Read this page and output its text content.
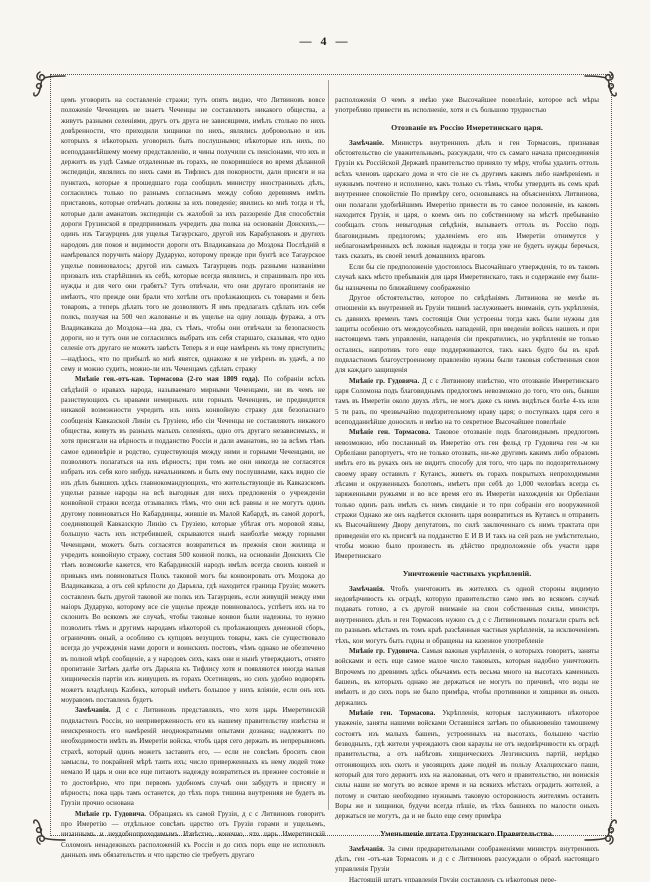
— 4 —

цемъ уговорить на составленіе стражи; тутъ опять видно, что Литвиновъ вовсе положеніе Чеченцевъ не знаетъ Чеченцы не составляютъ никакого общества, а живутъ разными селеніями, другъ отъ друга не зависящими, имѣлъ столько по нихъ довѣренности, что приходили хищники по нихъ, являлись добровольно и изъ которыхъ я нѣкоторыхъ уговорилъ быть послушными; нѣкоторые изъ нихъ, по всеподданнѣйшему моему представленію, и чины получили съ пенсіонами, что ихъ и держитъ въ уздѣ Самые отдаленные въ горахъ, не покорившіеся во время дѣланной экспедиціи, являлись по нихъ сами въ Тифлисъ для покорности, дали присяги и на пунктахъ, которые я прошедшаго года сообщилъ министру иностранныхъ дѣлъ, согласились только по разнымъ согласнымъ между собою деревнямъ имѣть приставовъ, которые отвѣчать должны за ихъ поведеніе; явились ко мнѣ тогда и тѣ, которые дали аманатовъ экспедиціи съ жалобой за ихъ раззореніе Для способствія дороги Грузинской я предпринималъ учредить два полка на основаніи Донскихъ,—одинъ изъ Тагаурцевъ для ущелья Тагаурскаго, другой изъ Карабулаковъ и другихъ народовъ для покоя и видимости дороги отъ Владикавказа до Моздока Послѣдній я намѣревался поручить маіору Дударуко, которому прежде при бунтѣ все Тагаурское ущелье повиновалось; другой изъ самыхъ Тагаурцевъ подъ разными названіями призвалъ ихъ старѣйшинъ къ себѣ, которые всегда являлись, и спрашивалъ про ихъ нужды и для чего они грабятъ? Тутъ отвѣчали, что они другаго пропитанія не имѣютъ, что прежде они брали что хотѣли отъ проѣзжающихъ съ товарами и безъ товаровъ, а теперь дѣлать того не дозволяютъ Я имъ предлагалъ сдѣлать изъ себя полкъ, получая на 500 чел жалованье и въ ущелье на одну лошадь фуража, а отъ Владикавказа до Моздока—на два, съ тѣмъ, чтобы они отвѣчали за безопасность дороги, но и тутъ они не согласились выбрать изъ себя старшаго, сказывая, что одно селеніе отъ другаго не можетъ завѣсть Теперь я и еще намѣренъ къ тому приступить;—надѣюсь, что по прибылѣ ко мнѣ явятся, однакоже я не увѣренъ въ удачѣ, а по сему и можно судить, можно-ли изъ Чеченцамъ сдѣлать стражу

Мнѣніе ген.-отъ-кав. Тормасова (2-го мая 1809 года). По собраніи всѣхъ свѣдѣній о нравахъ народа, называемаго мирными Чеченцами, ни въ чемъ не разнствующихъ съ нравами немирныхъ или горныхъ Чеченцевъ, не предвидится никакой возможности учредить изъ нихъ конвойную стражу для безопаснаго сообщенія Кавказской Линіи съ Грузіею, ибо сіи Чеченцы не составляютъ никакого общества, живутъ въ разныхъ малыхъ селеніяхъ, одно отъ другаго независимыхъ, и хотя присягали на вѣрность и подданство Россіи и дали аманатовъ, но за всѣмъ тѣмъ самое единовѣріе и родство, существующія между ними и горными Чеченцами, не позволяютъ полагаться на ихъ вѣрность; при томъ же они никогда не согласятся избрать изъ себя кого нибудь начальникомъ и быть ему послушными, какъ видно сіе изъ дѣлъ бывшихъ здѣсь главнокомандующихъ, что жительствующіе въ Кавказскомъ ущельи разные народы на всѣ выгодныя для нихъ предложенія о учрежденіи конвойной стражи всегда отзывались тѣмъ, что они всѣ равны и не могутъ одинъ другому повиноваться Но Кабардинцы, жившіе въ Малой Кабардѣ, въ самой дорогѣ, соединяющей Кавказскую Линію съ Грузіею, которые убѣгая отъ моровой язвы, большую часть ихъ истребившей, скрываются нынѣ наиболѣе между горными Чеченцами, можетъ быть согласятся возвратиться въ прежнія свои жилища и учредить конвойную стражу, составя 500 конной полкъ, на основаніи Донскихъ Сіе тѣмъ возможнѣе кажется, что Кабардинскій народъ имѣлъ всегда своихъ князей и привыкъ имъ повиноваться Полкъ таковой могъ бы конвоировать отъ Моздока до Владикавказа, а отъ сей крѣпости до Дарьяла, гдѣ находится граница Грузіи; можетъ составленъ быть другой таковой же полкъ изъ Тагаурцевъ, если живущій между ими маіоръ Дударуко, которому все сіе ущелье прежде повиновалось, успѣетъ ихъ на то склонить Во всякомъ же случаѣ, чтобы таковые конвои были надежны, то нужно позволить тѣмъ и другимъ народамъ нѣкоторой съ проѣзжающихъ денежной сборъ, ограничивъ оный, а особливо съ купцовъ везущихъ товары, какъ сіе существовало всегда до учрежденія нами дороги и воинскихъ постовъ, чѣмъ однако не обезпечено въ полной мѣрѣ сообщеніе, а у народовъ сихъ, какъ они и нынѣ утверждаютъ, отнято пропитаніе Затѣмъ далѣе отъ Дарьяла къ Тифлису хотя и появляются иногда малыя хищническія партіи изъ живущихъ въ горахъ Осетинцевъ, но сихъ удобно водворять можетъ владѣлецъ Казбекъ, который имѣетъ большое у нихъ вліяніе, если онъ ихъ моуравомъ поставленъ будетъ

Замѣчанія. Д с с Литвиновъ представлялъ, что хотя царь Имеретинскій подвластенъ Россіи, но неприверженность его къ нашему правительству извѣстна и неискренность его намѣреній неоднократными опытами дознана; надлежитъ по необходимости имѣть въ Имеретіи войска, чтобъ царя сего держать въ непрерывномъ страхѣ, который одинъ можетъ заставить его, — если не совсѣмъ бросить свои замыслы, то покрайней мѣрѣ таить ихъ; число приверженныхъ къ нему людей тоже немало И царь и они все еще питаютъ надежду возвратиться въ прежнее состояніе и то достовѣрно, что при первомъ удобномъ случаѣ они забудутъ и присягу и вѣрность; пока царь тамъ останется, до тѣхъ поръ тишина внутренняя не будетъ въ Грузіи прочно основана

Мнѣніе гр. Гудовича. Обращаясь къ самой Грузіи, д с с Литвиновъ говоритъ про Имеретію — отдѣльное совсѣмъ царство отъ Грузіи горами и ущельемъ, низаннымъ и неудобнопроходимымъ Извѣстно, конечно, что царь Имеретинскій Соломонъ ненадежныхъ расположеній къ Россіи и до сихъ поръ еще не исполнялъ данныхъ имъ обязательствъ и что царство сіе требуетъ другаго

расположенія О чемъ я имѣю уже Высочайшее повелѣніе, которое всѣ мѣры употребляю привести въ исполненіе, хотя и съ большою трудностью

Отозваніе въ Россію Имеретинскаго царя.

Замѣчаніе. Министръ внутреннихъ дѣлъ и ген Тормасовъ, признавая обстоятельство сіе уважительнымъ, разсуждали, что съ самаго начала присоединенія Грузіи къ Россійской Державѣ правительство приняло ту мѣру, чтобы удалить оттоль всѣхъ членовъ царскаго дома и что сіе не съ другимъ какимъ либо намѣреніемъ и нужнымъ почтено и исполнено, какъ только съ тѣмъ, чтобы утвердить въ семъ краѣ внутреннее спокойствіе По примѣру сего, основываясь на объясненіяхъ Литвинова, они полагали удобнѣйшимъ Имеретію привести въ то самое положеніе, въ какомъ находится Грузія, и царя, о коемъ онъ по собственному на мѣстѣ пребыванію сообщалъ столь невыгодныя свѣдѣнія, вызываетъ оттоль въ Россію подъ благовиднымъ предлогомъ; удаленіемъ его изъ Имеретіи отнимутся у неблагонамѣренныхъ всѣ ложныя надежды и тогда уже не будетъ нужды беречься, такъ сказать, въ своей землѣ домашнихъ враговъ

Если бы сіе предположеніе удостоилось Высочайшаго утвержденія, то въ такомъ случаѣ какъ мѣсто пребыванія для царя Имеретинскаго, такъ и содержаніе ему были-бы назначены по ближайшему соображенію

Другое обстоятельство, которое по свѣдѣніямъ Литвинова не менѣе въ отношеніи къ внутренней въ Грузіи тишинѣ заслуживаетъ вниманія, суть укрѣпленія, съ давнихъ временъ тамъ состоящія Они устроены тогда какъ были нужны для защиты особенно отъ междоусобныхъ нападеній, при введеніи войскъ нашихъ и при настоящемъ тамъ управленіи, нападенія сіи прекратились, но укрѣпленія не только остались, напротивъ того еще поддерживаются, такъ какъ будто бы въ краѣ подвластномъ благоустроенному правленію нужны были таковыя собственныя свои для каждаго защищенія

Мнѣніе гр. Гудовича. Д с с Литвинову извѣстно, что отозваніе Имеретинскаго царя Соломона подъ благовиднымъ предлогомъ невозможно до того, что онъ, бывши тамъ въ Имеретіи около двухъ лѣтъ, не могъ даже съ нимъ видѣться болѣе 4-хъ или 5 ти разъ, по чрезвычайно подозрительному нраву царя; о поступкахъ царя сего я всеподданнѣйше доносилъ и имѣю на то секретное Высочайшее повелѣніе

Мнѣніе ген. Тормасова. Таковое отозваніе подъ благовиднымъ предлогомъ невозможно, ибо посланный въ Имеретію отъ ген фельд гр Гудовича ген -м кн Орбеліани рапортуетъ, что не только отозвать, ни-же другимъ какимъ либо образомъ имѣть его въ рукахъ онъ не видитъ способу для того, что царь по подозрительному своему нраву оставилъ г Кутаисъ, живетъ въ горахъ покрытыхъ непроходимыми лѣсами и окруженныхъ болотомъ, имѣетъ при себѣ до 1,000 человѣкъ всегда съ заряженными ружьями и во все время его въ Имеретіи нахожденія кн Орбеліани только одинъ разъ имѣлъ съ нимъ свиданіе и то при собраніи его вооруженной стражи Однако же онъ надѣется склонить царя возвратиться въ Кутаисъ и отправить къ Высочайшему Двору депутатовъ, по силѣ заключеннаго съ нимъ трактата при приведеніи его къ присягѣ на подданство Е И В И такъ на сей разъ не умѣстительно, чтобы можно было произвесть въ дѣйство предположеніе объ участи царя Имеретинскаго

Уничтоженіе частныхъ укрѣпленій.

Замѣчанія. Чтобъ уничтожить въ жителяхъ съ одной стороны видимую недовѣрчивость къ оградѣ, которую правительство само имъ во всякомъ случаѣ подавать готово, а съ другой вниманіе на свои собственныя силы, министръ внутреннихъ дѣлъ и ген Тормасовъ нужно съ д с с Литвиновымъ полагали срыть всѣ по разнымъ мѣстамъ въ томъ краѣ разсѣянныя частныя укрѣпленія, за исключеніемъ тѣхъ, кои могутъ быть годны и обращены на казенное употребленіе

Мнѣніе гр. Гудовича. Самыя важныя укрѣпленія, о которыхъ говоритъ, заняты войсками и есть еще самое малое число таковыхъ, которыя надобно уничтожить Впрочемъ по древнимъ здѣсь обычаямъ есть весьма много на высотахъ каменныхъ башенъ, въ которыхъ однако же держаться не могутъ по причинѣ, что воды не имѣютъ и до сихъ поръ не было примѣра, чтобы противники и хищники въ оныхъ держались

Мнѣніе ген. Тормасова. Укрѣпленія, которыя заслуживаютъ нѣкоторое уваженіе, заняты нашими войсками Оставшіяся затѣмъ по обыкновенію тамошнему состоятъ изъ малыхъ башенъ, устроенныхъ на высотахъ, большею частію безводныхъ, гдѣ жители учреждаютъ свои караулы не отъ недовѣрчивости къ оградѣ правительства, а отъ набѣговъ хищническихъ Лезгинскихъ партій, нерѣдко отгоняющихъ ихъ скотъ и увозящихъ даже людей въ пользу Ахалцихскаго паши, который для того держитъ ихъ на жалованьи, отъ чего и правительство, ни воинскія силы наши не могутъ во всякое время и на всякихъ мѣстахъ оградить жителей, а потому и считаю необходимо нужнымъ таковую осторожность жителямъ оставить Воры же и хищники, будучи всегда пѣшіе, въ тѣхъ башняхъ по малости оныхъ держаться не могутъ, да и не было еще сему примѣра

Уменьшеніе штата Грузинскаго Правительства.

Замѣчанія. За сими предварительными соображеніями министръ внутреннихъ дѣлъ, ген -отъ-кав Тормасовъ и д с с Литвиновъ разсуждали о образѣ настоящаго управленія Грузіи

Настоящій штатъ управленія Грузіи составленъ съ нѣкоторыя пере-
